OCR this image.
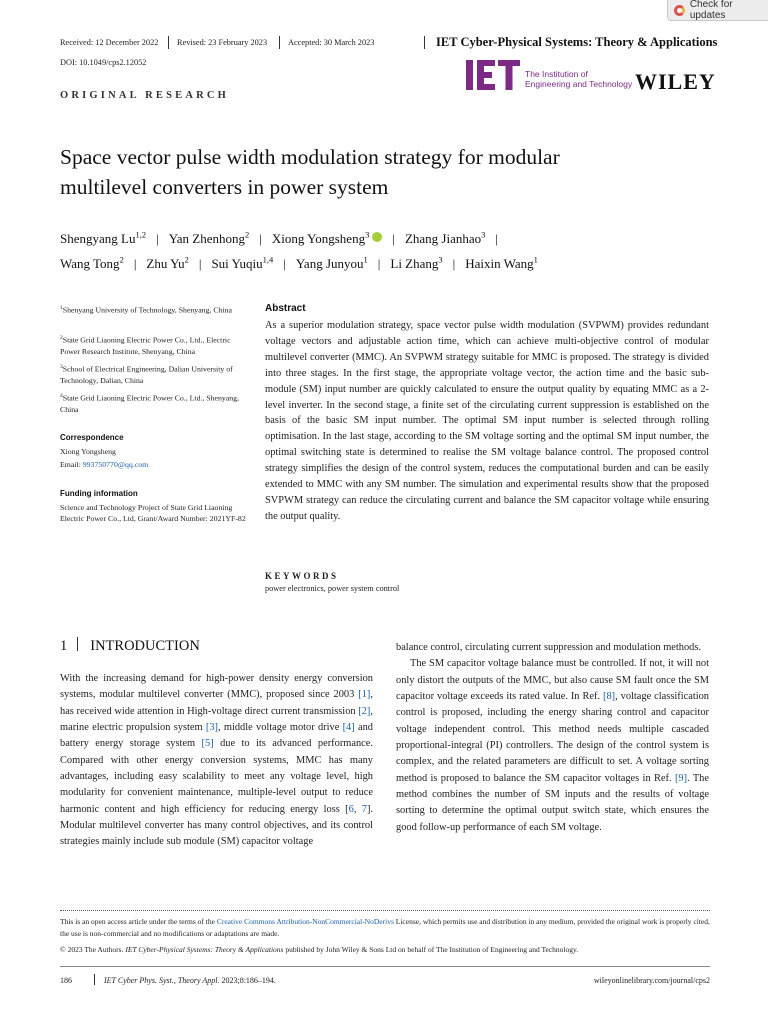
Check for updates
Received: 12 December 2022 Revised: 23 February 2023	Accepted: 30 March 2023	IET Cyber-Physical Systems: Theory & Applications
DOI: 10.1049/cps2.12052
The Institution of
Engineering and Technology WILEY
ORIGINAL RESEARCH
Space vector pulse width modulation strategy for modular
multilevel converters in power system
Shengyang Lu$^{1,2}$ | Yan Zhenhong$^2$ | Xiong Yongsheng$^3$ | Zhang Jianhao$^3$ |
Wang Tong$^2$ | Zhu Yu$^2$ | Sui Yuqiu$^{1,4}$ | Yang Junyou$^1$ | Li Zhang$^3$ | Haixin Wang$^1$
$^1$Shenyang University of Technology, Shenyang, China
$^2$State Grid Liaoning Electric Power Co., Ltd., Electric Power Research Institute, Shenyang, China
$^3$School of Electrical Engineering, Dalian University of Technology, Dalian, China
$^4$State Grid Liaoning Electric Power Co., Ltd., Shenyang, China
Correspondence
Xiong Yongsheng
Email: 993750770@qq.com
Funding information
Science and Technology Project of State Grid Liaoning Electric Power Co., Ltd, Grant/Award Number: 2021YF-82
Abstract
As a superior modulation strategy, space vector pulse width modulation (SVPWM) provides redundant voltage vectors and adjustable action time, which can achieve multi-objective control of modular multilevel converter (MMC). An SVPWM strategy suitable for MMC is proposed. The strategy is divided into three stages. In the first stage, the appropriate voltage vector, the action time and the basic sub-module (SM) input number are quickly calculated to ensure the output quality by equating MMC as a 2-level inverter. In the second stage, a finite set of the circulating current suppression is established on the basis of the basic SM input number. The optimal SM input number is selected through rolling optimisation. In the last stage, according to the SM voltage sorting and the optimal SM input number, the optimal switching state is determined to realise the SM voltage balance control. The proposed control strategy simplifies the design of the control system, reduces the computational burden and can be easily extended to MMC with any SM number. The simulation and experimental results show that the proposed SVPWM strategy can reduce the circulating current and balance the SM capacitor voltage while ensuring the output quality.
KEYWORDS
power electronics, power system control
1 INTRODUCTION

With the increasing demand for high-power density energy conversion systems, modular multilevel converter (MMC), proposed since 2003 [1], has received wide attention in High-voltage direct current transmission [2], marine electric propulsion system [3], middle voltage motor drive [4] and battery energy storage system [5] due to its advanced performance. Compared with other energy conversion systems, MMC has many advantages, including easy scalability to meet any voltage level, high modularity for convenient maintenance, multiple-level output to reduce harmonic content and high efficiency for reducing energy loss [6, 7]. Modular multilevel converter has many control objectives, and its control strategies mainly include sub module (SM) capacitor voltage

balance control, circulating current suppression and modulation methods.

The SM capacitor voltage balance must be controlled. If not, it will not only distort the outputs of the MMC, but also cause SM fault once the SM capacitor voltage exceeds its rated value. In Ref. [8], voltage classification control is proposed, including the energy sharing control and capacitor voltage independent control. This method needs multiple cascaded proportional-integral (PI) controllers. The design of the control system is complex, and the related parameters are difficult to set. A voltage sorting method is proposed to balance the SM capacitor voltages in Ref. [9]. The method combines the number of SM inputs and the results of voltage sorting to determine the optimal output switch state, which ensures the good follow-up performance of each SM voltage.

This is an open access article under the terms of the Creative Commons Attribution-NonCommercial-NoDerivs License, which permits use and distribution in any medium, provided the original work is properly cited, the use is non-commercial and no modifications or adaptations are made.
© 2023 The Authors. IET Cyber-Physical Systems: Theory & Applications published by John Wiley & Sons Ltd on behalf of The Institution of Engineering and Technology.
186	IET Cyber Phys. Syst., Theory Appl. 2023;8:186–194.	wileyonlinelibrary.com/journal/cps2
